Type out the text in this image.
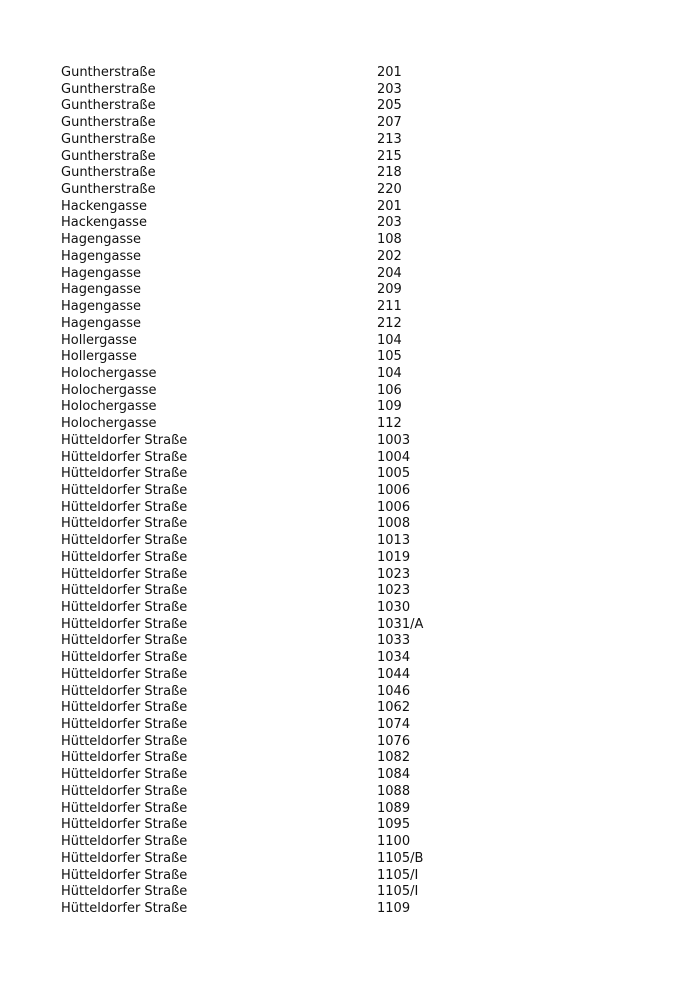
Guntherstraße	201
Guntherstraße	203
Guntherstraße	205
Guntherstraße	207
Guntherstraße	213
Guntherstraße	215
Guntherstraße	218
Guntherstraße	220
Hackengasse	201
Hackengasse	203
Hagengasse	108
Hagengasse	202
Hagengasse	204
Hagengasse	209
Hagengasse	211
Hagengasse	212
Hollergasse	104
Hollergasse	105
Holochergasse	104
Holochergasse	106
Holochergasse	109
Holochergasse	112
Hütteldorfer Straße	1003
Hütteldorfer Straße	1004
Hütteldorfer Straße	1005
Hütteldorfer Straße	1006
Hütteldorfer Straße	1006
Hütteldorfer Straße	1008
Hütteldorfer Straße	1013
Hütteldorfer Straße	1019
Hütteldorfer Straße	1023
Hütteldorfer Straße	1023
Hütteldorfer Straße	1030
Hütteldorfer Straße	1031/A
Hütteldorfer Straße	1033
Hütteldorfer Straße	1034
Hütteldorfer Straße	1044
Hütteldorfer Straße	1046
Hütteldorfer Straße	1062
Hütteldorfer Straße	1074
Hütteldorfer Straße	1076
Hütteldorfer Straße	1082
Hütteldorfer Straße	1084
Hütteldorfer Straße	1088
Hütteldorfer Straße	1089
Hütteldorfer Straße	1095
Hütteldorfer Straße	1100
Hütteldorfer Straße	1105/B
Hütteldorfer Straße	1105/I
Hütteldorfer Straße	1105/I
Hütteldorfer Straße	1109
